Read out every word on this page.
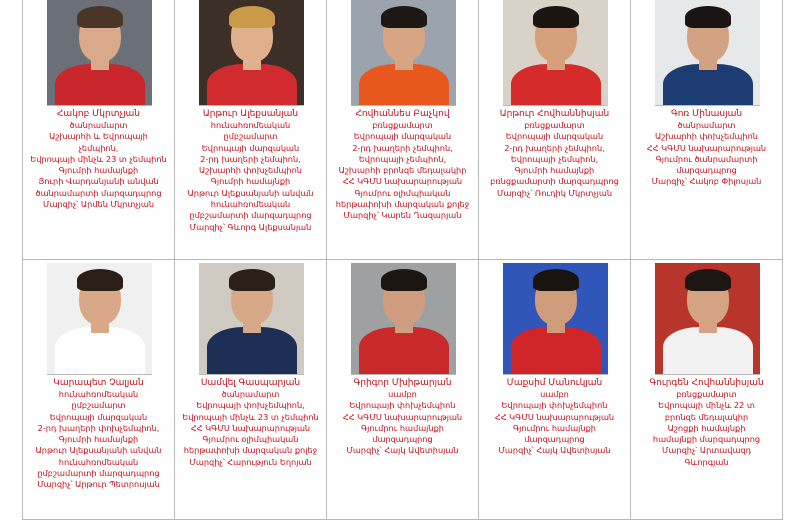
Հակոբ Մկրտչյան
ծանրամարտ
Աշխարհի և Եվրոպայի
չեմպիոն,
Եվրոպայի մինչև 23 տ չեմպիոն
Գյումրի համայնքի
Յուրի Վարդանյանի անվան
ծանրամարտի մարզադպրոց
Մարզիչ՝ Արմեն Մկրտչյան
Արթուր Ալեքսանյան
հունահռոմեական
ըմբշամարտ
Եվրոպայի մարզական
2-րդ խաղերի չեմպիոն,
Աշխարհի փոխչեմպիոն
Գյումրի համայնքի
Արթուր Ալեքսանյանի անվան
հունահռոմեական
ըմբշամարտի մարզադպրոց
Մարզիչ՝ Գևորգ Ալեքսանյան
Հովհաննես Բաչկով
բռնցքամարտ
Եվրոպայի մարզական
2-րդ խաղերի չեմպիոն,
Եվրոպայի չեմպիոն,
Աշխարհի բրոնզե մեդալակիր
ՀՀ ԿԳՄՍ նախարարության
Գյումրու օլիմպիական
հերթափոխի մարզական քոլեջ
Մարզիչ՝ Կարեն Ղազարյան
Արթուր Հովհաննիսյան
բռնցքամարտ
Եվրոպայի մարզական
2-րդ խաղերի չեմպիոն,
Եվրոպայի չեմպիոն,
Գյումրի համայնքի
բռնցքամարտի մարզադպրոց
Մարզիչ՝ Ռուդիկ Մկրտչյան
Գոռ Մինասյան
ծանրամարտ
Աշխարհի փոխչեմպիոն
ՀՀ ԿԳՄՍ նախարարության
Գյումրու ծանրամարտի
մարզադպրոց
Մարզիչ՝ Հակոբ Փիլոսյան
Կարապետ Չալյան
հունահռոմեական
ըմբշամարտ
Եվրոպայի մարզական
2-րդ խաղերի փոխչեմպիոն,
Գյումրի համայնքի
Արթուր Ալեքսանյանի անվան
հունահռոմեական
ըմբշամարտի մարզադպրոց
Մարզիչ՝ Արթուր Պետրոսյան
Սամվել Գասպարյան
ծանրամարտ
Եվրոպայի փոխչեմպիոն,
Եվրոպայի մինչև 23 տ չեմպիոն
ՀՀ ԿԳՄՍ նախարարության
Գյումրու օլիմպիական
հերթափոխի մարզական քոլեջ
Մարզիչ՝ Հարություն Եղոյան
Գրիգոր Մխիթարյան
սամբո
Եվրոպայի փոխչեմպիոն
ՀՀ ԿԳՄՍ նախարարության
Գյումրու համայնքի
մարզադպրոց
Մարզիչ՝ Հայկ Ավետիսյան
Մաքսիմ Մանուկյան
սամբո
Եվրոպայի փոխչեմպիոն
ՀՀ ԿԳՄՍ նախարարության
Գյումրու համայնքի
մարզադպրոց
Մարզիչ՝ Հայկ Ավետիսյան
Գուրգեն Հովհաննիսյան
բռնցքամարտ
Եվրոպայի մինչև 22 տ
բրոնզե մեդալակիր
Աշոցքի համայնքի
համայնքի մարզադպրոց
Մարզիչ՝ Արտավազդ
Գևորգյան
